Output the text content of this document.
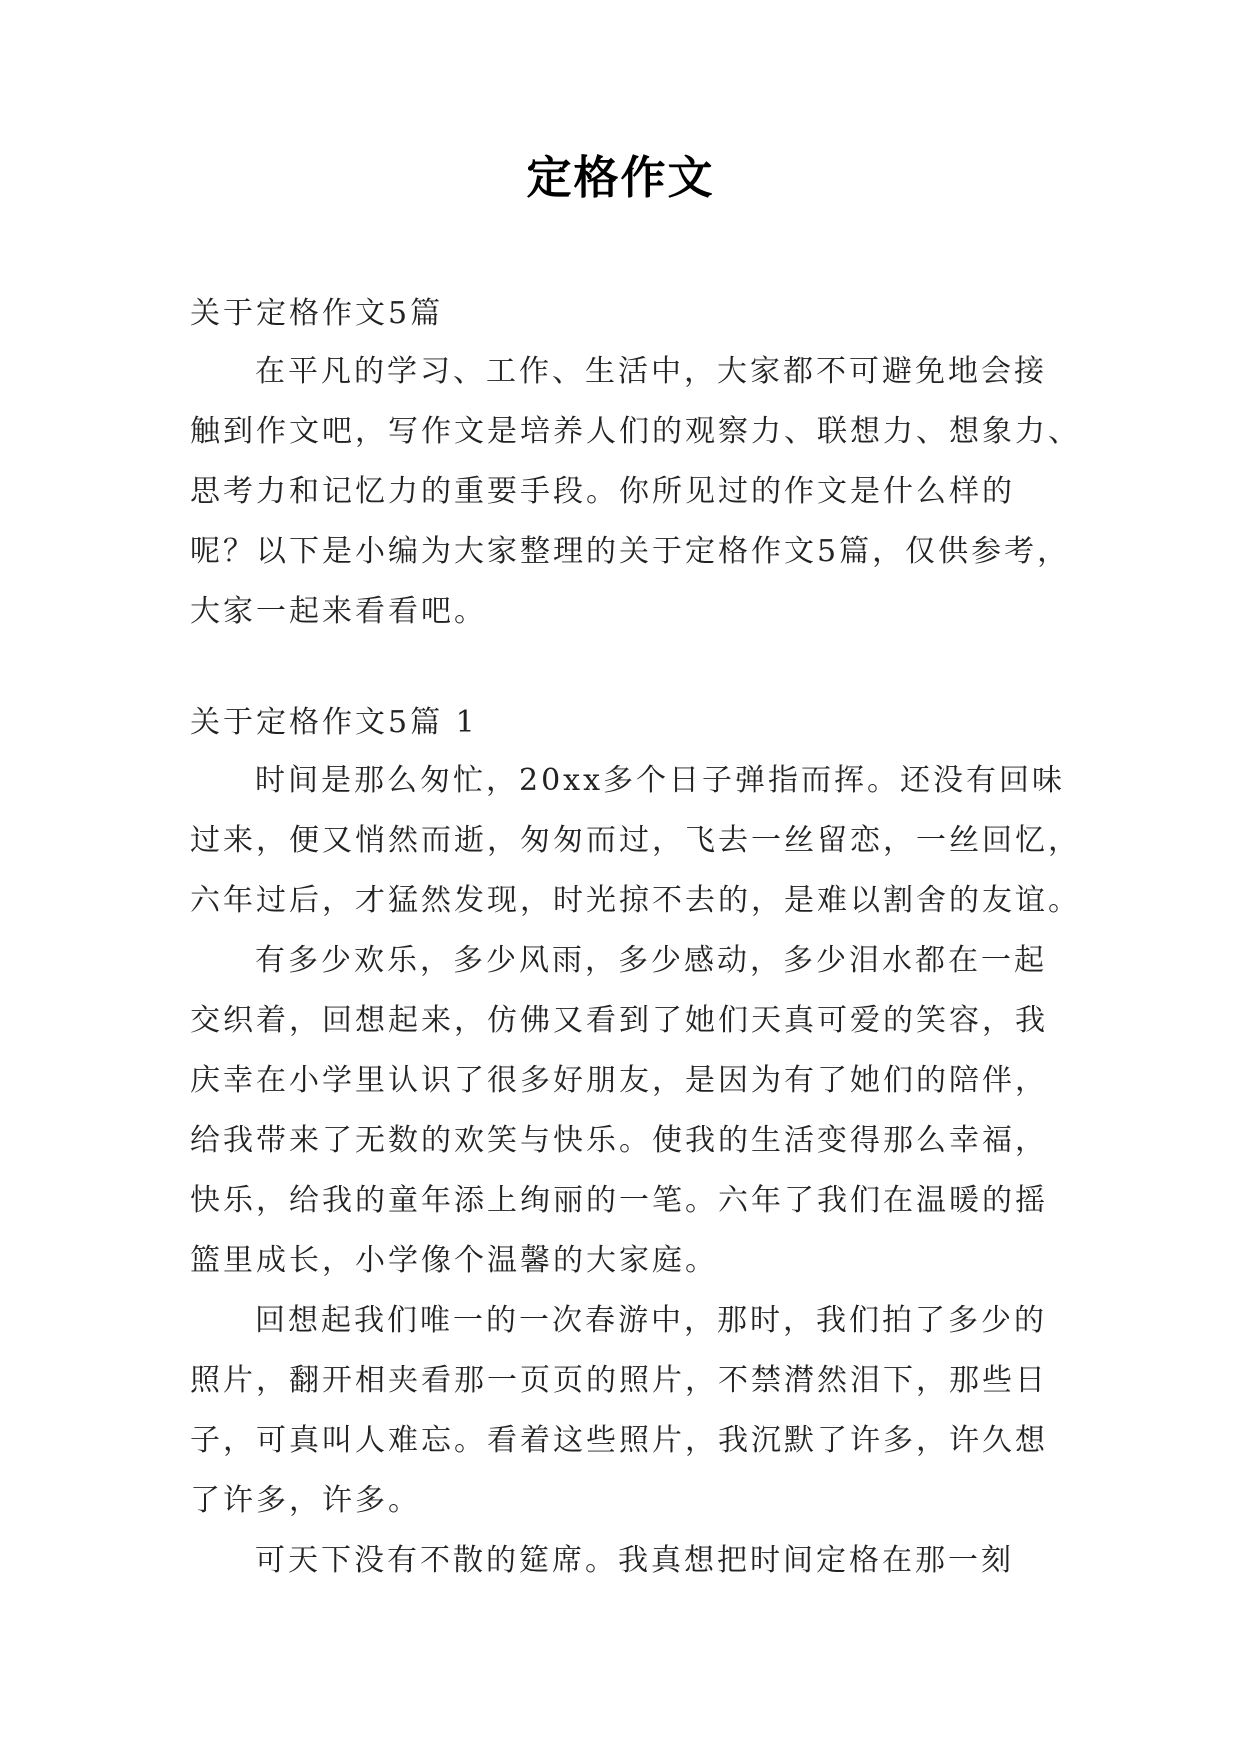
定格作文
关于定格作文5篇
在平凡的学习、工作、生活中，大家都不可避免地会接
触到作文吧，写作文是培养人们的观察力、联想力、想象力、
思考力和记忆力的重要手段。你所见过的作文是什么样的
呢？以下是小编为大家整理的关于定格作文5篇，仅供参考，
大家一起来看看吧。
关于定格作文5篇 1
时间是那么匆忙，20xx多个日子弹指而挥。还没有回味
过来，便又悄然而逝，匆匆而过，飞去一丝留恋，一丝回忆，
六年过后，才猛然发现，时光掠不去的，是难以割舍的友谊。
有多少欢乐，多少风雨，多少感动，多少泪水都在一起
交织着，回想起来，仿佛又看到了她们天真可爱的笑容，我
庆幸在小学里认识了很多好朋友，是因为有了她们的陪伴，
给我带来了无数的欢笑与快乐。使我的生活变得那么幸福，
快乐，给我的童年添上绚丽的一笔。六年了我们在温暖的摇
篮里成长，小学像个温馨的大家庭。
回想起我们唯一的一次春游中，那时，我们拍了多少的
照片，翻开相夹看那一页页的照片，不禁潸然泪下，那些日
子，可真叫人难忘。看着这些照片，我沉默了许多，许久想
了许多，许多。
可天下没有不散的筵席。我真想把时间定格在那一刻
